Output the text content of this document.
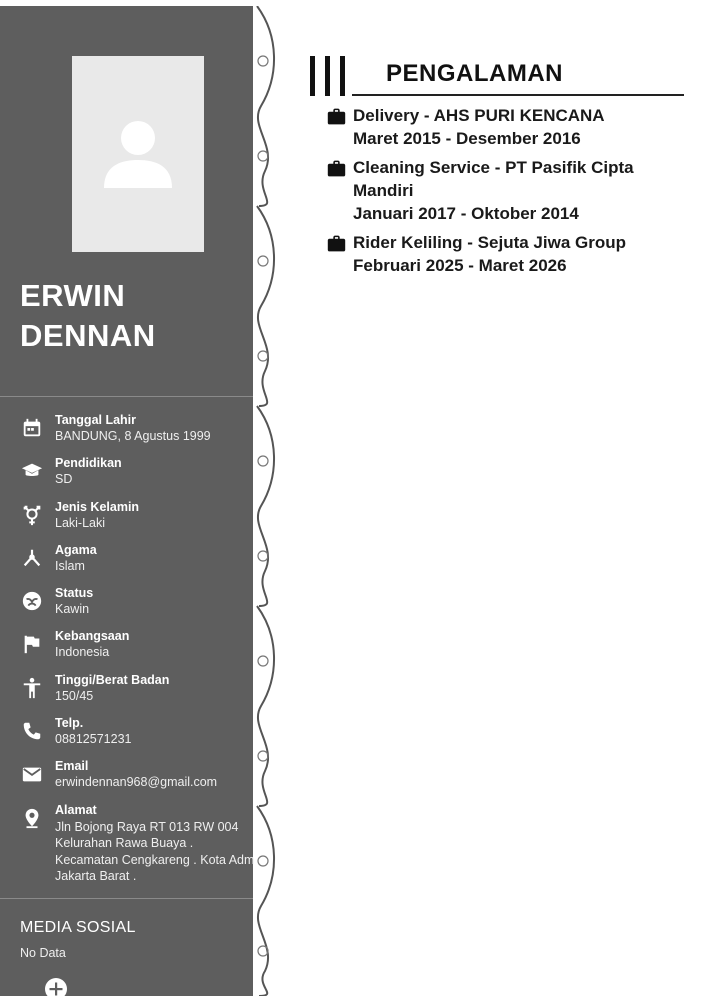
ERWIN
DENNAN
Tanggal Lahir
BANDUNG, 8 Agustus 1999
Pendidikan
SD
Jenis Kelamin
Laki-Laki
Agama
Islam
Status
Kawin
Kebangsaan
Indonesia
Tinggi/Berat Badan
150/45
Telp.
08812571231
Email
erwindennan968@gmail.com
Alamat
Jln Bojong Raya RT 013 RW 004 Kelurahan Rawa Buaya . Kecamatan Cengkareng . Kota Adm Jakarta Barat .
MEDIA SOSIAL
No Data
PENGALAMAN
Delivery - AHS PURI KENCANA
Maret 2015 - Desember 2016
Cleaning Service - PT Pasifik Cipta Mandiri
Januari 2017 - Oktober 2014
Rider Keliling - Sejuta Jiwa Group
Februari 2025 - Maret 2026
